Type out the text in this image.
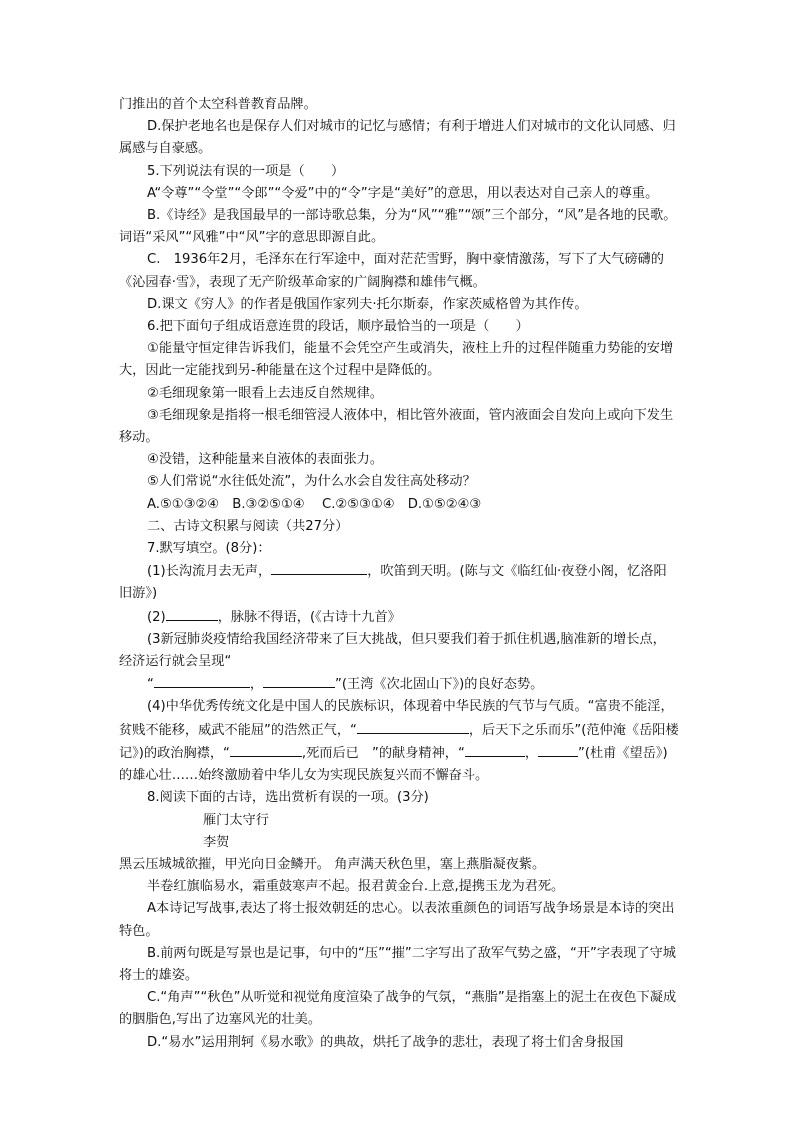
门推出的首个太空科普教育品牌。

D.保护老地名也是保存人们对城市的记忆与感情；有利于增进人们对城市的文化认同感、归属感与自豪感。

5.下列说法有误的一项是（　　）

A“令尊”“令堂”“令郎”“令爱”中的“令”字是“美好”的意思，用以表达对自己亲人的尊重。

B.《诗经》是我国最早的一部诗歌总集，分为“风”“雅”“颂”三个部分，“风”是各地的民歌。词语“采风”“风雅”中“风”字的意思即源自此。

C.　1936年2月，毛泽东在行军途中，面对茫茫雪野，胸中豪情激荡，写下了大气磅礴的《沁园春·雪》，表现了无产阶级革命家的广阔胸襟和雄伟气概。

D.课文《穷人》的作者是俄国作家列夫·托尔斯泰，作家茨威格曾为其作传。

6.把下面句子组成语意连贯的段话，顺序最恰当的一项是（　　）

①能量守恒定律告诉我们，能量不会凭空产生或消失，液柱上升的过程伴随重力势能的安增大，因此一定能找到另-种能量在这个过程中是降低的。

②毛细现象第一眼看上去违反自然规律。

③毛细现象是指将一根毛细管浸人液体中，相比管外液面，管内液面会自发向上或向下发生移动。

④没错，这种能量来自液体的表面张力。

⑤人们常说“水往低处流”，为什么水会自发往高处移动？

A.⑤①③②④　B.③②⑤①④　 C.②⑤③①④　D.①⑤②④③

二、古诗文积累与阅读（共27分）

7.默写填空。(8分)：

(1)长沟流月去无声，	，吹笛到天明。(陈与文《临红仙·夜登小阁，忆洛阳旧游》)

(2)	，脉脉不得语，(《古诗十九首》

(3新冠肺炎疫情给我国经济带来了巨大挑战，但只要我们着于抓住机遇,脑准新的增长点，经济运行就会呈现“

“	，	”(王湾《次北固山下》)的良好态势。

(4)中华优秀传统文化是中国人的民族标识，体现着中华民族的气节与气质。“富贵不能淫，贫贱不能移，威武不能屈”的浩然正气，“	，后天下之乐而乐”(范仲淹《岳阳楼记》)的政治胸襟，“	,死而后已　”的献身精神，“	，	”(杜甫《望岳》)的雄心壮……始终激励着中华儿女为实现民族复兴而不懈奋斗。

8.阅读下面的古诗，选出赏析有误的一项。(3分)

雁门太守行

李贺

黑云压城城欲摧，甲光向日金鳞开。 角声满天秋色里，塞上燕脂凝夜紫。

半卷红旗临易水，霜重鼓寒声不起。报君黄金台.上意,提携玉龙为君死。

A本诗记写战事,表达了将士报效朝廷的忠心。以表浓重颜色的词语写战争场景是本诗的突出特色。

B.前两句既是写景也是记事，句中的“压”“摧”二字写出了敌军气势之盛，“开”字表现了守城将士的雄姿。

C.“角声”“秋色”从听觉和视觉角度渲染了战争的气氛，“燕脂”是指塞上的泥土在夜色下凝成的胭脂色,写出了边塞风光的壮美。

D.“易水”运用荆轲《易水歌》的典故，烘托了战争的悲壮，表现了将士们舍身报国
